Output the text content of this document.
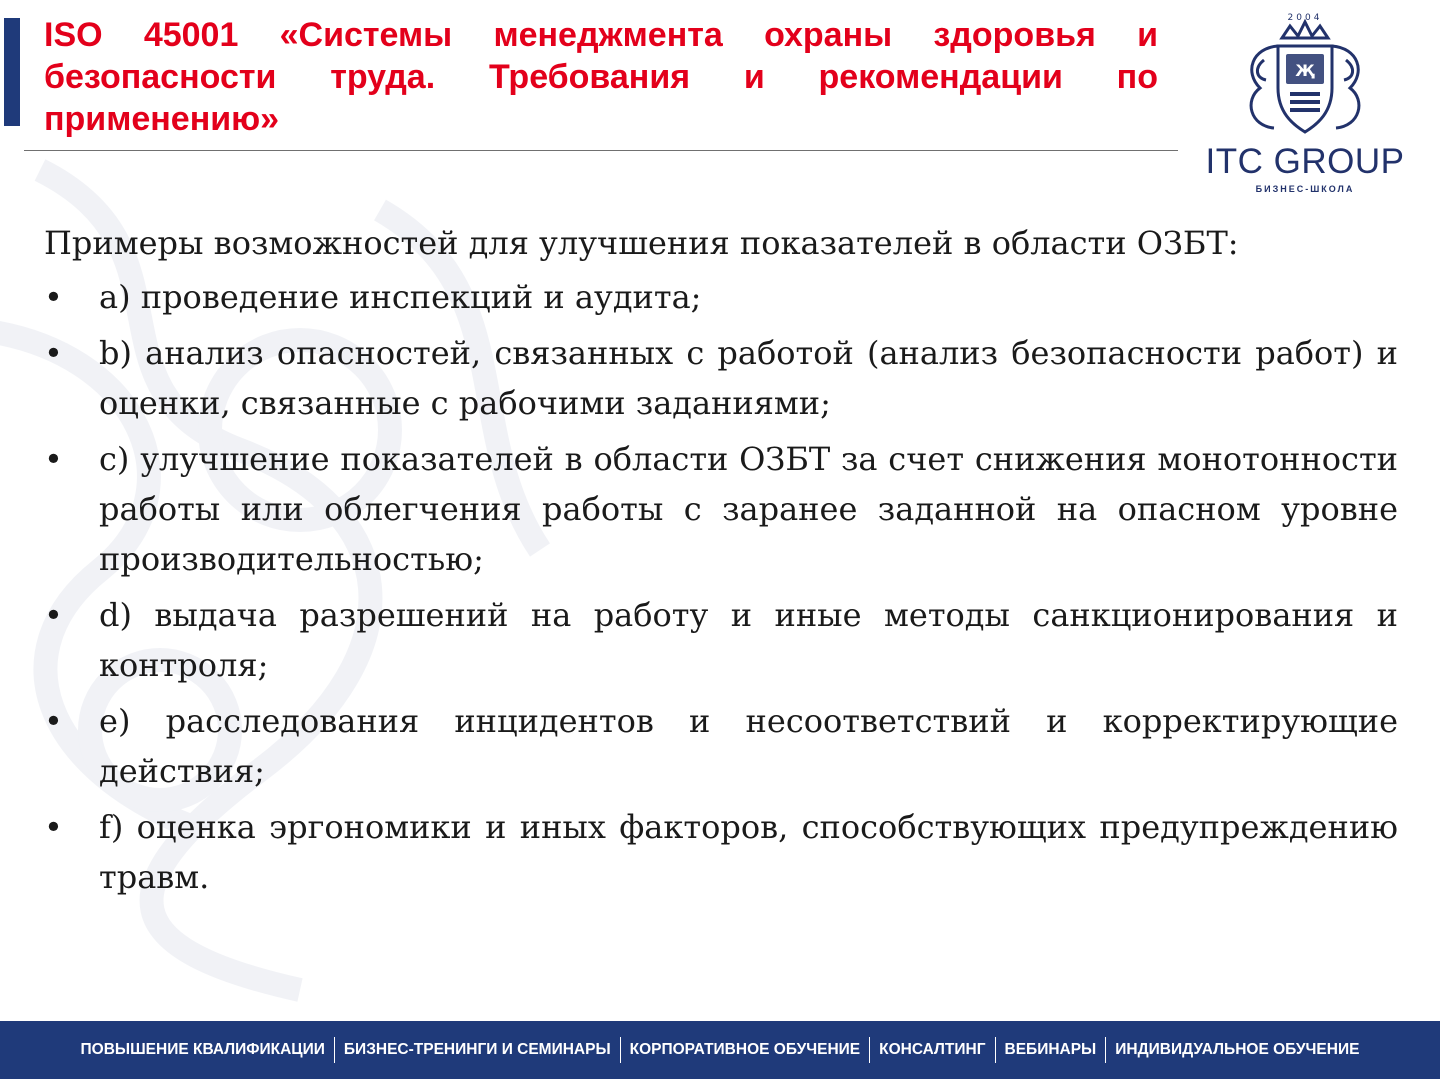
ISO 45001 «Системы менеджмента охраны здоровья и безопасности труда. Требования и рекомендации по применению»
2004
Җ
ITC GROUP
БИЗНЕС-ШКОЛА

Примеры возможностей для улучшения показателей в области ОЗБТ:

• a) проведение инспекций и аудита;
• b) анализ опасностей, связанных с работой (анализ безопасности работ) и оценки, связанные с рабочими заданиями;
• c) улучшение показателей в области ОЗБТ за счет снижения монотонности работы или облегчения работы с заранее заданной на опасном уровне производительностью;
• d) выдача разрешений на работу и иные методы санкционирования и контроля;
• e) расследования инцидентов и несоответствий и корректирующие действия;
• f) оценка эргономики и иных факторов, способствующих предупреждению травм.
ПОВЫШЕНИЕ КВАЛИФИКАЦИИ	БИЗНЕС-ТРЕНИНГИ И СЕМИНАРЫ	КОРПОРАТИВНОЕ ОБУЧЕНИЕ	КОНСАЛТИНГ	ВЕБИНАРЫ	ИНДИВИДУАЛЬНОЕ ОБУЧЕНИЕ
